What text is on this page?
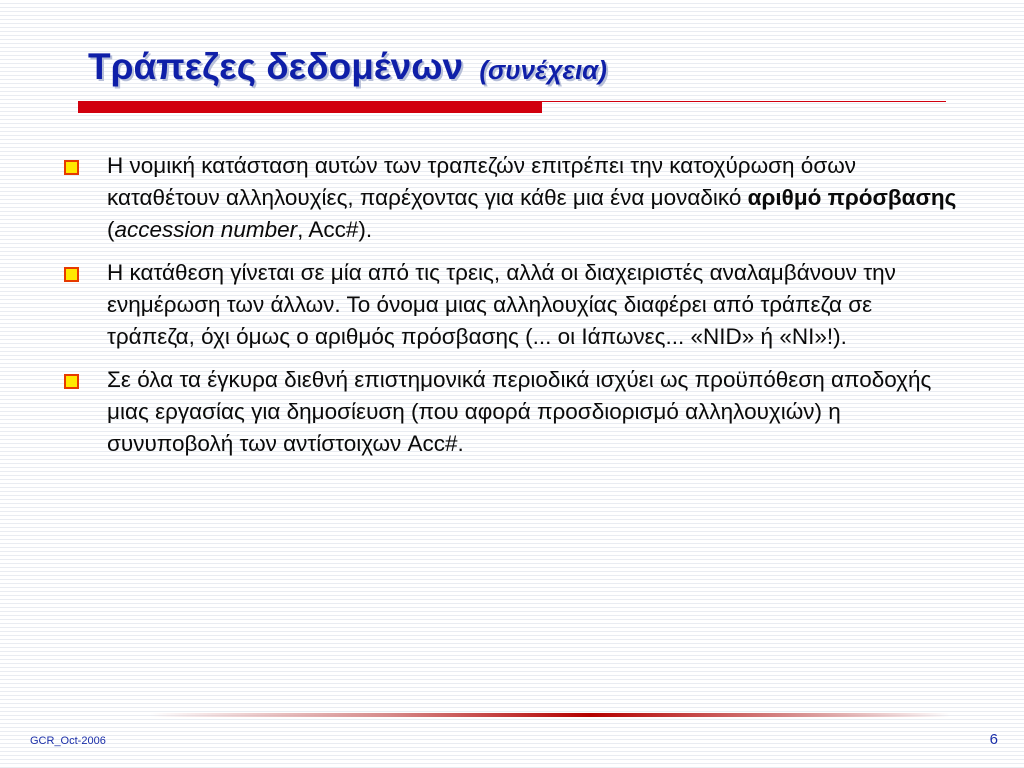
Τράπεζες δεδομένων (συνέχεια)
Η νομική κατάσταση αυτών των τραπεζών επιτρέπει την κατοχύρωση όσων καταθέτουν αλληλουχίες, παρέχοντας για κάθε μια ένα μοναδικό αριθμό πρόσβασης (accession number, Acc#).
Η κατάθεση γίνεται σε μία από τις τρεις, αλλά οι διαχειριστές αναλαμβάνουν την ενημέρωση των άλλων. Το όνομα μιας αλληλουχίας διαφέρει από τράπεζα σε τράπεζα, όχι όμως ο αριθμός πρόσβασης (... οι Ιάπωνες... «NID» ή «NI»!).
Σε όλα τα έγκυρα διεθνή επιστημονικά περιοδικά ισχύει ως προϋπόθεση αποδοχής μιας εργασίας για δημοσίευση (που αφορά προσδιορισμό αλληλουχιών) η συνυποβολή των αντίστοιχων Acc#.
GCR_Oct-2006	6
